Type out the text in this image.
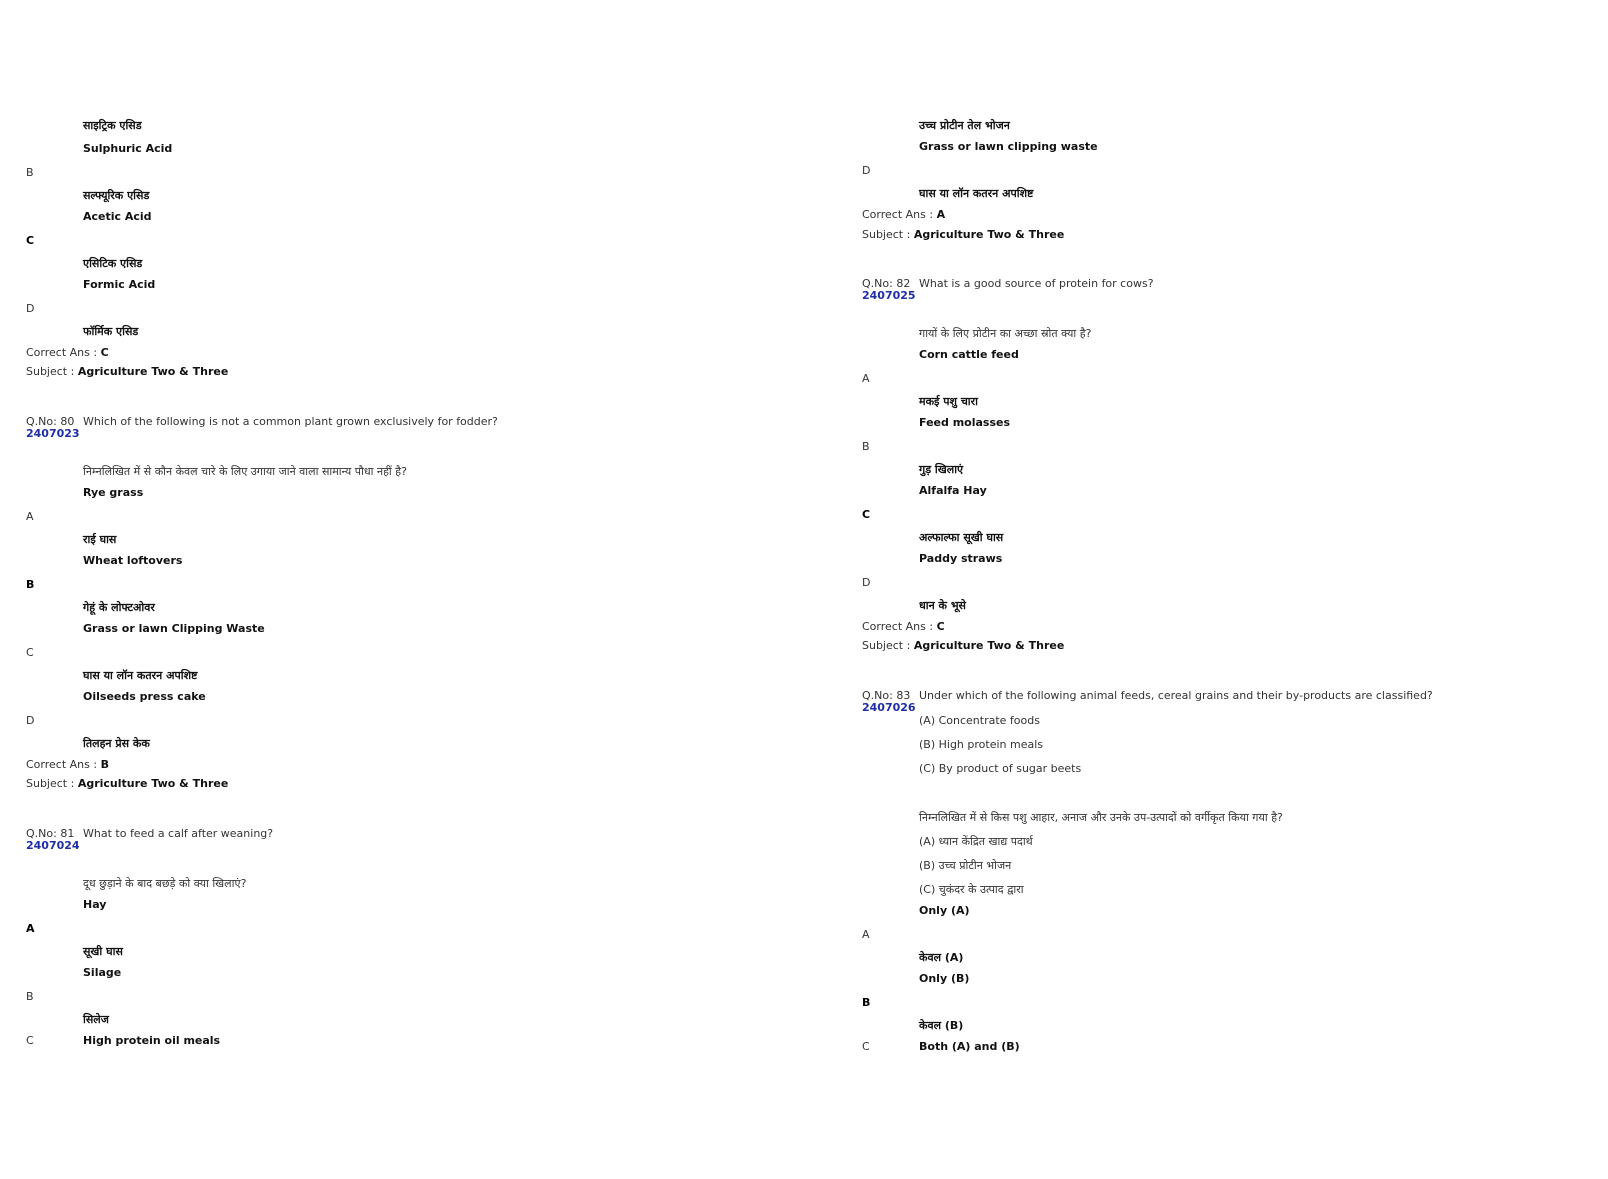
साइट्रिक एसिड
Sulphuric Acid
B
सल्फ्यूरिक एसिड
Acetic Acid
C
एसिटिक एसिड
Formic Acid
D
फॉर्मिक एसिड
Correct Ans : C
Subject : Agriculture Two & Three
Q.No: 80
2407023
Which of the following is not a common plant grown exclusively for fodder?
निम्नलिखित में से कौन केवल चारे के लिए उगाया जाने वाला सामान्य पौधा नहीं है?
Rye grass
A
राई घास
Wheat loftovers
B
गेहूं के लोफ्टओवर
Grass or lawn Clipping Waste
C
घास या लॉन कतरन अपशिष्ट
Oilseeds press cake
D
तिलहन प्रेस केक
Correct Ans : B
Subject : Agriculture Two & Three
Q.No: 81
2407024
What to feed a calf after weaning?
दूध छुड़ाने के बाद बछड़े को क्या खिलाएं?
Hay
A
सूखी घास
Silage
B
सिलेज
C	High protein oil meals
उच्च प्रोटीन तेल भोजन
Grass or lawn clipping waste
D
घास या लॉन कतरन अपशिष्ट
Correct Ans : A
Subject : Agriculture Two & Three
Q.No: 82
2407025
What is a good source of protein for cows?
गायों के लिए प्रोटीन का अच्छा स्रोत क्या है?
Corn cattle feed
A
मकई पशु चारा
Feed molasses
B
गुड़ खिलाएं
Alfalfa Hay
C
अल्फाल्फा सूखी घास
Paddy straws
D
धान के भूसे
Correct Ans : C
Subject : Agriculture Two & Three
Q.No: 83
2407026
Under which of the following animal feeds, cereal grains and their by-products are classified?
(A) Concentrate foods
(B) High protein meals
(C) By product of sugar beets
निम्नलिखित में से किस पशु आहार, अनाज और उनके उप-उत्पादों को वर्गीकृत किया गया है?
(A) ध्यान केंद्रित खाद्य पदार्थ
(B) उच्च प्रोटीन भोजन
(C) चुकंदर के उत्पाद द्वारा
Only (A)
A
केवल (A)
Only (B)
B
केवल (B)
C	Both (A) and (B)
